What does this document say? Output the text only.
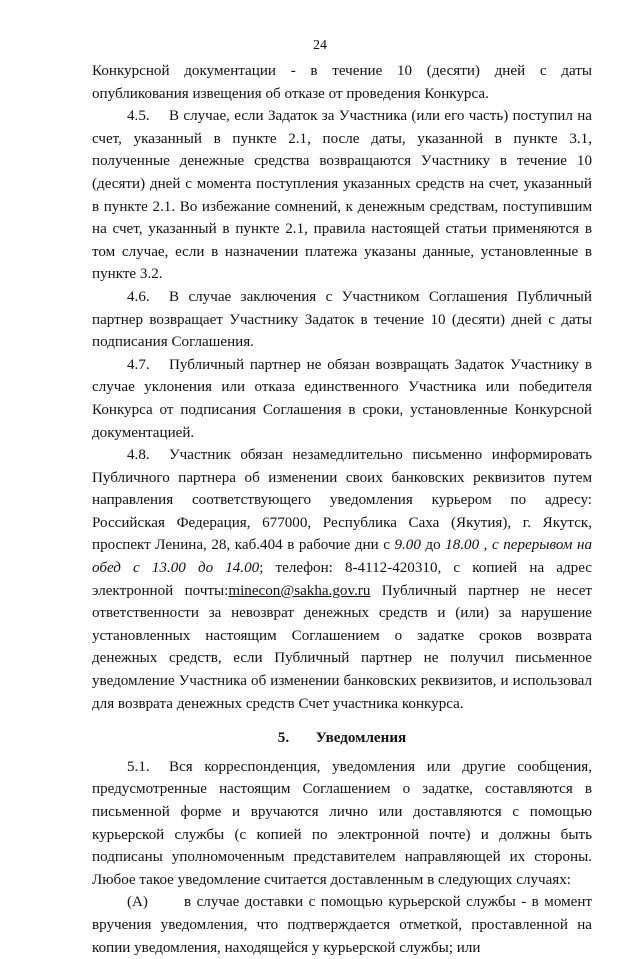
24

Конкурсной документации - в течение 10 (десяти) дней с даты опубликования извещения об отказе от проведения Конкурса.

4.5. В случае, если Задаток за Участника (или его часть) поступил на счет, указанный в пункте 2.1, после даты, указанной в пункте 3.1, полученные денежные средства возвращаются Участнику в течение 10 (десяти) дней с момента поступления указанных средств на счет, указанный в пункте 2.1. Во избежание сомнений, к денежным средствам, поступившим на счет, указанный в пункте 2.1, правила настоящей статьи применяются в том случае, если в назначении платежа указаны данные, установленные в пункте 3.2.

4.6. В случае заключения с Участником Соглашения Публичный партнер возвращает Участнику Задаток в течение 10 (десяти) дней с даты подписания Соглашения.

4.7. Публичный партнер не обязан возвращать Задаток Участнику в случае уклонения или отказа единственного Участника или победителя Конкурса от подписания Соглашения в сроки, установленные Конкурсной документацией.

4.8. Участник обязан незамедлительно письменно информировать Публичного партнера об изменении своих банковских реквизитов путем направления соответствующего уведомления курьером по адресу: Российская Федерация, 677000, Республика Саха (Якутия), г. Якутск, проспект Ленина, 28, каб.404 в рабочие дни с 9.00 до 18.00 , с перерывом на обед с 13.00 до 14.00; телефон: 8-4112-420310, с копией на адрес электронной почты:minecon@sakha.gov.ru Публичный партнер не несет ответственности за невозврат денежных средств и (или) за нарушение установленных настоящим Соглашением о задатке сроков возврата денежных средств, если Публичный партнер не получил письменное уведомление Участника об изменении банковских реквизитов, и использовал для возврата денежных средств Счет участника конкурса.

5. Уведомления

5.1. Вся корреспонденция, уведомления или другие сообщения, предусмотренные настоящим Соглашением о задатке, составляются в письменной форме и вручаются лично или доставляются с помощью курьерской службы (с копией по электронной почте) и должны быть подписаны уполномоченным представителем направляющей их стороны. Любое такое уведомление считается доставленным в следующих случаях:

(A) в случае доставки с помощью курьерской службы - в момент вручения уведомления, что подтверждается отметкой, проставленной на копии уведомления, находящейся у курьерской службы; или
